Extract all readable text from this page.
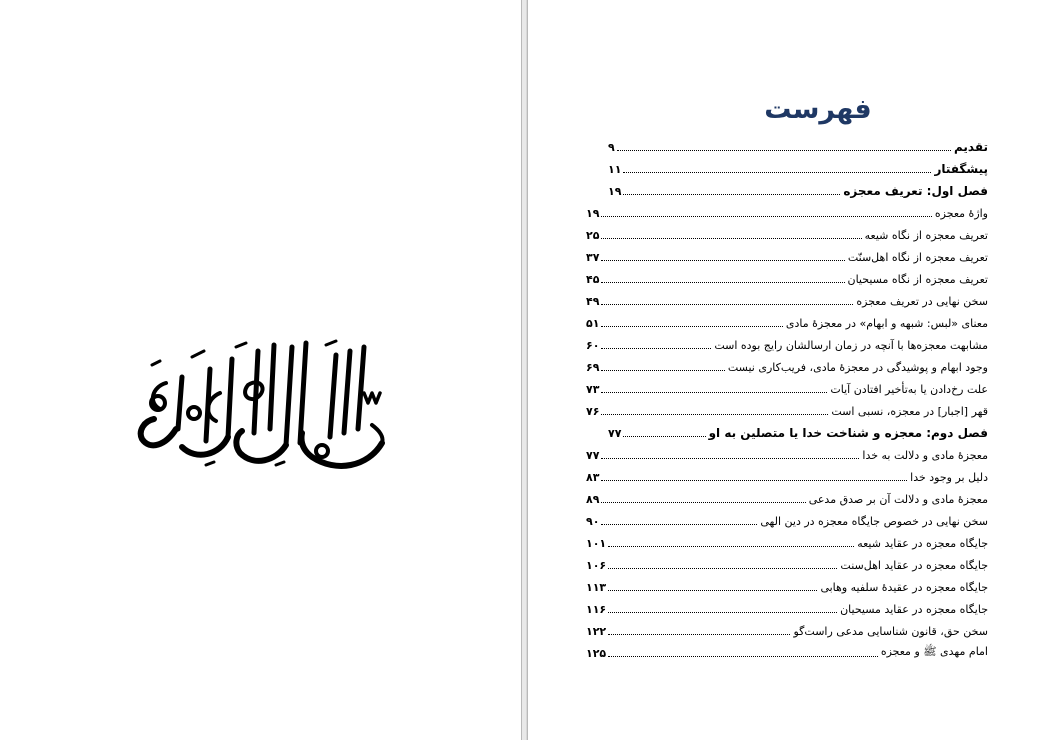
فهرست
تقدیم
۹
پیشگفتار
۱۱
فصل اول: تعریف معجزه
۱۹
واژۀ معجزه
۱۹
تعریف معجزه از نگاه شیعه
۲۵
تعریف معجزه از نگاه اهل‌سنّت
۳۷
تعریف معجزه از نگاه مسیحیان
۴۵
سخن نهایی در تعریف معجزه
۴۹
معنای «لبس: شبهه و ابهام» در معجزۀ مادی
۵۱
مشابهت معجزه‌ها با آنچه در زمان ارسالشان رایج بوده است
۶۰
وجود ابهام و پوشیدگی در معجزۀ مادی، فریب‌کاری نیست
۶۹
علت رخ‌دادن یا به‌تأخیر افتادن آیات
۷۳
قهر [اجبار] در معجزه، نسبی است
۷۶
فصل دوم: معجزه و شناخت خدا یا متصلین به او
۷۷
معجزۀ مادی و دلالت به خدا
۷۷
دلیل بر وجود خدا
۸۳
معجزۀ مادی و دلالت آن بر صدق مدعی
۸۹
سخن نهایی در خصوص جایگاه معجزه در دین الهی
۹۰
جایگاه معجزه در عقاید شیعه
۱۰۱
جایگاه معجزه در عقاید اهل‌سنت
۱۰۶
جایگاه معجزه در عقیدۀ سلفیه وهابی
۱۱۳
جایگاه معجزه در عقاید مسیحیان
۱۱۶
سخن حق، قانون شناسایی مدعی راست‌گو
۱۲۲
امام مهدی ﷺ و معجزه
۱۲۵
